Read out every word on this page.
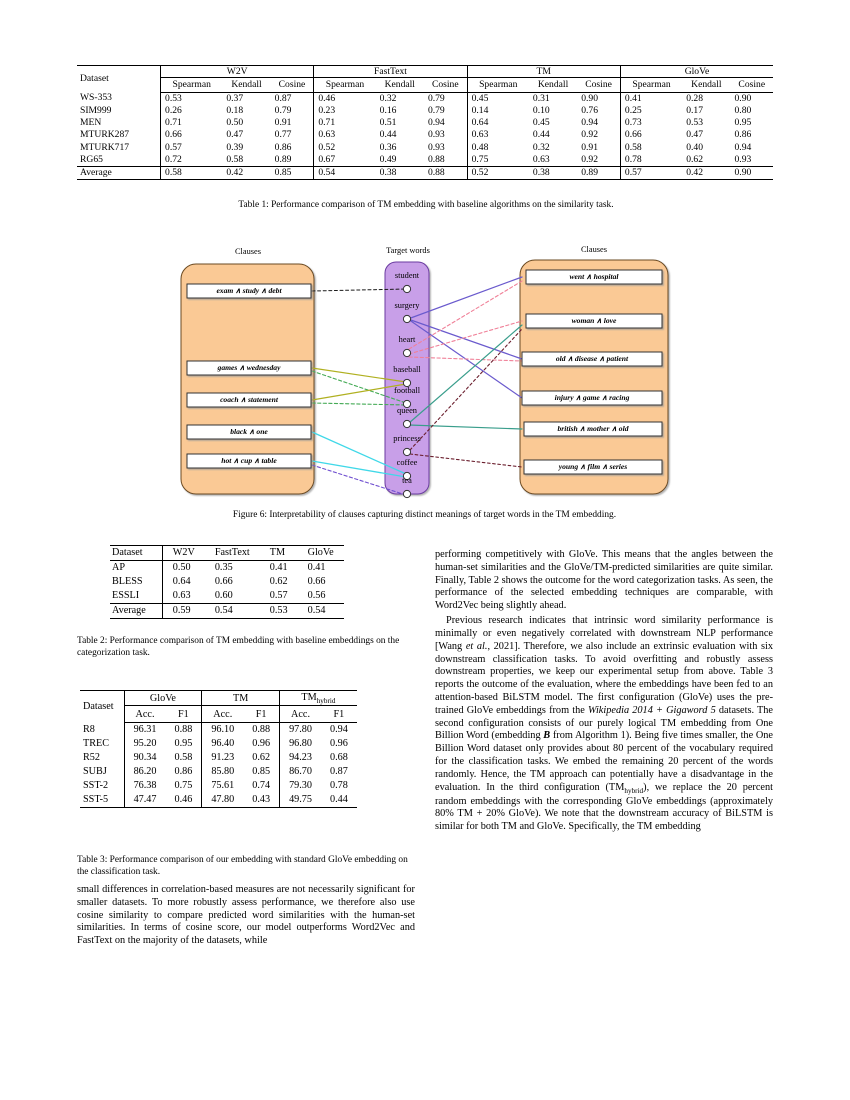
Dataset	W2V			FastText			TM			GloVe		

	Spearman	Kendall	Cosine	Spearman	Kendall	Cosine	Spearman	Kendall	Cosine	Spearman	Kendall	Cosine
WS-353	0.53	0.37	0.87	0.46	0.32	0.79	0.45	0.31	0.90	0.41	0.28	0.90
SIM999	0.26	0.18	0.79	0.23	0.16	0.79	0.14	0.10	0.76	0.25	0.17	0.80
MEN	0.71	0.50	0.91	0.71	0.51	0.94	0.64	0.45	0.94	0.73	0.53	0.95
MTURK287	0.66	0.47	0.77	0.63	0.44	0.93	0.63	0.44	0.92	0.66	0.47	0.86
MTURK717	0.57	0.39	0.86	0.52	0.36	0.93	0.48	0.32	0.91	0.58	0.40	0.94
RG65	0.72	0.58	0.89	0.67	0.49	0.88	0.75	0.63	0.92	0.78	0.62	0.93
Average	0.58	0.42	0.85	0.54	0.38	0.88	0.52	0.38	0.89	0.57	0.42	0.90
Table 1: Performance comparison of TM embedding with baseline algorithms on the similarity task.
Clauses	Target words	Clauses
exam ∧ study ∧ debt
games ∧ wednesday
coach ∧ statement
black ∧ one
hot ∧ cup ∧ table
went ∧ hospital
woman ∧ love
old ∧ disease ∧ patient
injury ∧ game ∧ racing
british ∧ mother ∧ old
young ∧ film ∧ series
student
surgery
heart
baseball
football
queen
princess
coffee
tea
Figure 6: Interpretability of clauses capturing distinct meanings of target words in the TM embedding.
Dataset	W2V	FastText	TM	GloVe
AP	0.50	0.35	0.41	0.41
BLESS	0.64	0.66	0.62	0.66
ESSLI	0.63	0.60	0.57	0.56
Average	0.59	0.54	0.53	0.54
Table 2: Performance comparison of TM embedding with baseline embeddings on the categorization task.
Dataset	GloVe		TM		$TM_{hybrid}$

	Acc.	F1	Acc.	F1	Acc.	F1
R8	96.31	0.88	96.10	0.88	97.80	0.94
TREC	95.20	0.95	96.40	0.96	96.80	0.96
R52	90.34	0.58	91.23	0.62	94.23	0.68
SUBJ	86.20	0.86	85.80	0.85	86.70	0.87
SST-2	76.38	0.75	75.61	0.74	79.30	0.78
SST-5	47.47	0.46	47.80	0.43	49.75	0.44
Table 3: Performance comparison of our embedding with standard GloVe embedding on the classification task.

small differences in correlation-based measures are not necessarily significant for smaller datasets. To more robustly assess performance, we therefore also use cosine similarity to compare predicted word similarities with the human-set similarities. In terms of cosine score, our model outperforms Word2Vec and FastText on the majority of the datasets, while

performing competitively with GloVe. This means that the angles between the human-set similarities and the GloVe/TM-predicted similarities are quite similar. Finally, Table 2 shows the outcome for the word categorization tasks. As seen, the performance of the selected embedding techniques are comparable, with Word2Vec being slightly ahead.

Previous research indicates that intrinsic word similarity performance is minimally or even negatively correlated with downstream NLP performance [Wang et al., 2021]. Therefore, we also include an extrinsic evaluation with six downstream classification tasks. To avoid overfitting and robustly assess downstream properties, we keep our experimental setup from above. Table 3 reports the outcome of the evaluation, where the embeddings have been fed to an attention-based BiLSTM model. The first configuration (GloVe) uses the pre-trained GloVe embeddings from the Wikipedia 2014 + Gigaword 5 datasets. The second configuration consists of our purely logical TM embedding from One Billion Word (embedding B from Algorithm 1). Being five times smaller, the One Billion Word dataset only provides about 80 percent of the vocabulary required for the classification tasks. We embed the remaining 20 percent of the words randomly. Hence, the TM approach can potentially have a disadvantage in the evaluation. In the third configuration $(TM_{hybrid})$, we replace the 20 percent random embeddings with the corresponding GloVe embeddings (approximately 80% TM + 20% GloVe). We note that the downstream accuracy of BiLSTM is similar for both TM and GloVe. Specifically, the TM embedding
